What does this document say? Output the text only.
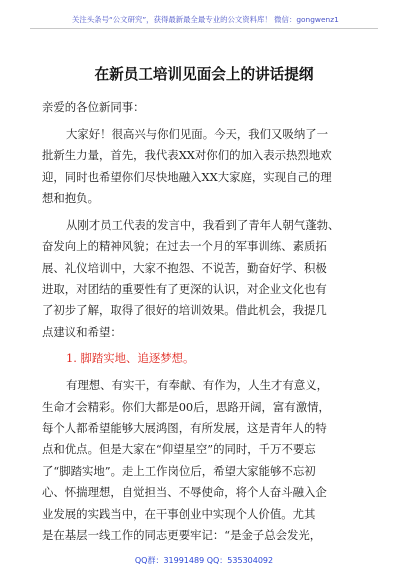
关注头条号“公文研究”，获得最新最全最专业的公文资料库！ 微信：gongwenz1
在新员工培训见面会上的讲话提纲
亲爱的各位新同事：
大家好！很高兴与你们见面。今天，我们又吸纳了一
批新生力量，首先，我代表XX对你们的加入表示热烈地欢
迎，同时也希望你们尽快地融入XX大家庭，实现自己的理
想和抱负。
从刚才员工代表的发言中，我看到了青年人朝气蓬勃、
奋发向上的精神风貌；在过去一个月的军事训练、素质拓
展、礼仪培训中，大家不抱怨、不说苦，勤奋好学、积极
进取，对团结的重要性有了更深的认识，对企业文化也有
了初步了解，取得了很好的培训效果。借此机会，我提几
点建议和希望：
1. 脚踏实地、追逐梦想。
有理想、有实干，有奉献、有作为，人生才有意义，
生命才会精彩。你们大都是00后，思路开阔，富有激情，
每个人都希望能够大展鸿图，有所发展，这是青年人的特
点和优点。但是大家在“仰望星空”的同时，千万不要忘
了“脚踏实地”。走上工作岗位后，希望大家能够不忘初
心、怀揣理想，自觉担当、不辱使命，将个人奋斗融入企
业发展的实践当中，在干事创业中实现个人价值。尤其
是在基层一线工作的同志更要牢记：“是金子总会发光，
QQ群：31991489 QQ：535304092
